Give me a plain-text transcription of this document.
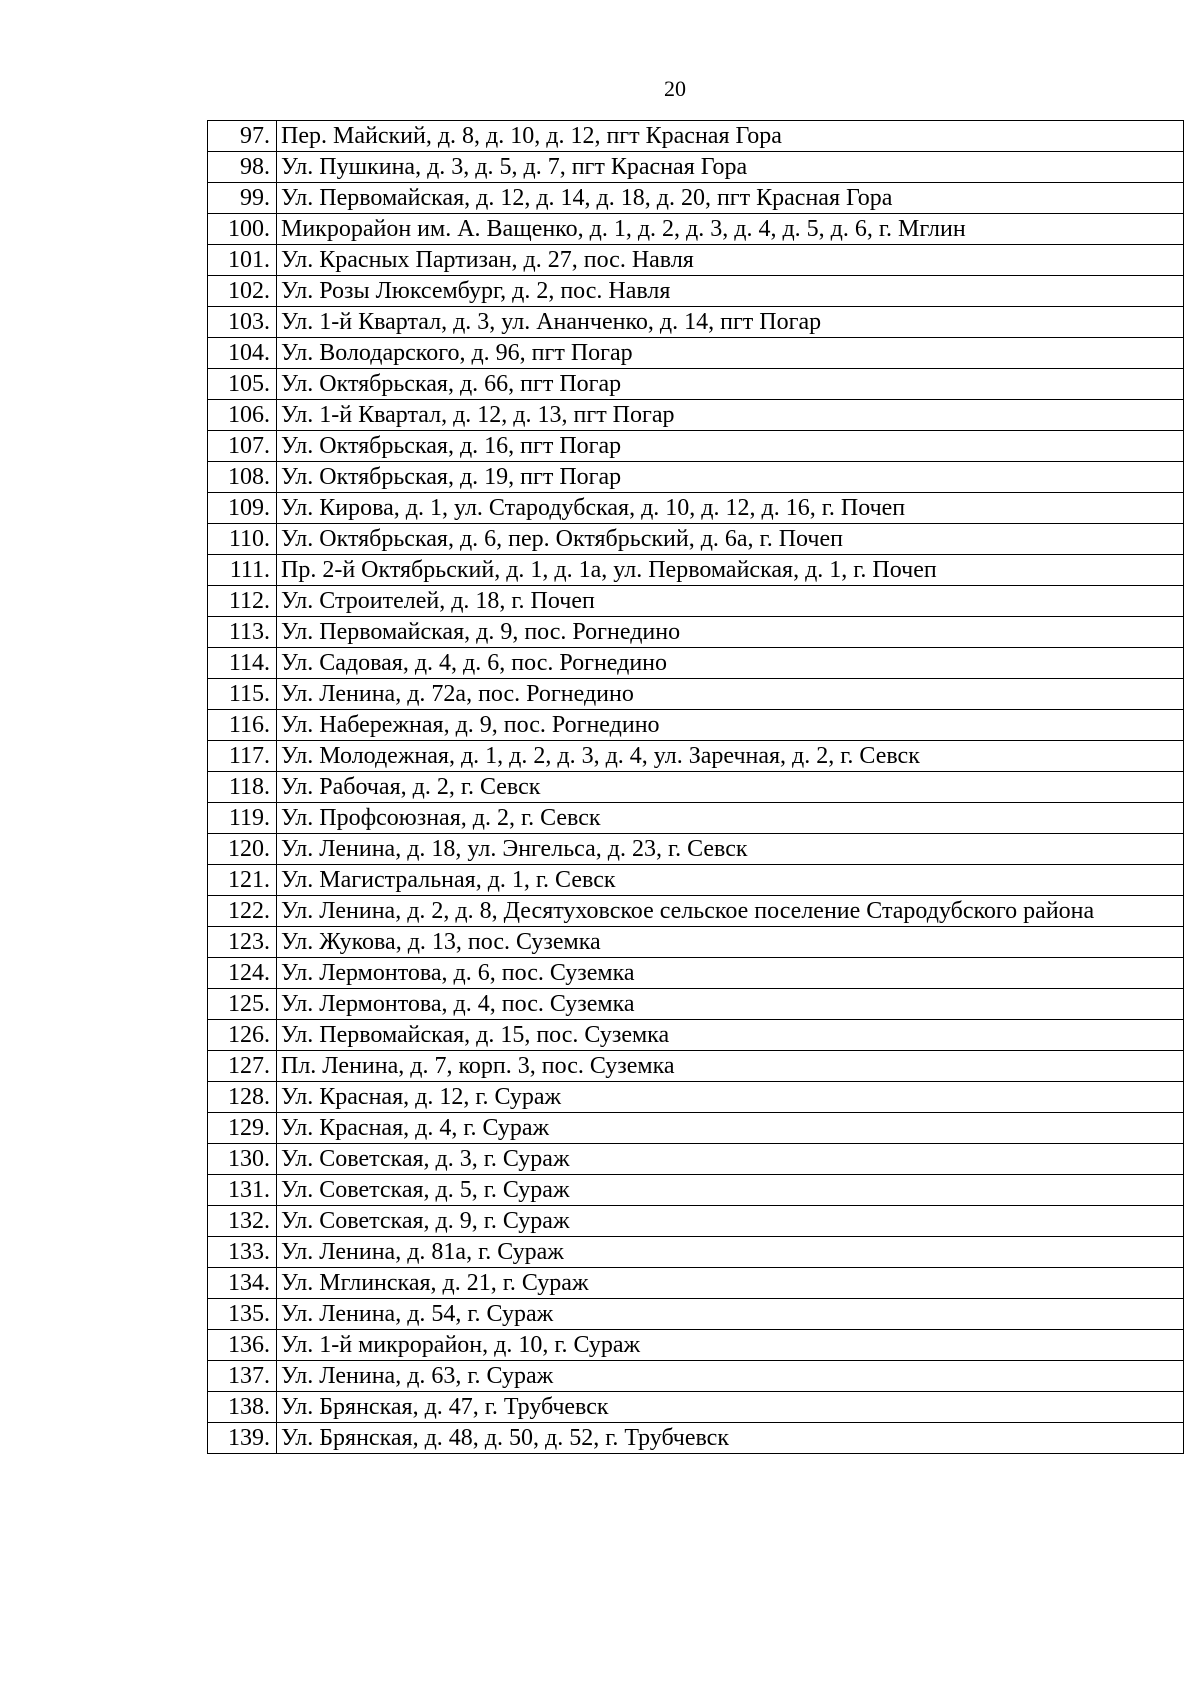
20
97.	Пер. Майский, д. 8, д. 10, д. 12, пгт Красная Гора
98.	Ул. Пушкина, д. 3, д. 5, д. 7, пгт Красная Гора
99.	Ул. Первомайская, д. 12, д. 14, д. 18, д. 20, пгт Красная Гора
100.	Микрорайон им. А. Ващенко, д. 1, д. 2, д. 3, д. 4, д. 5, д. 6, г. Мглин
101.	Ул. Красных Партизан, д. 27, пос. Навля
102.	Ул. Розы Люксембург, д. 2, пос. Навля
103.	Ул. 1-й Квартал, д. 3, ул. Ананченко, д. 14, пгт Погар
104.	Ул. Володарского, д. 96, пгт Погар
105.	Ул. Октябрьская, д. 66, пгт Погар
106.	Ул. 1-й Квартал, д. 12, д. 13, пгт Погар
107.	Ул. Октябрьская, д. 16, пгт Погар
108.	Ул. Октябрьская, д. 19, пгт Погар
109.	Ул. Кирова, д. 1, ул. Стародубская, д. 10, д. 12, д. 16, г. Почеп
110.	Ул. Октябрьская, д. 6, пер. Октябрьский, д. 6а, г. Почеп
111.	Пр. 2-й Октябрьский, д. 1, д. 1а, ул. Первомайская, д. 1, г. Почеп
112.	Ул. Строителей, д. 18, г. Почеп
113.	Ул. Первомайская, д. 9, пос. Рогнедино
114.	Ул. Садовая, д. 4, д. 6, пос. Рогнедино
115.	Ул. Ленина, д. 72а, пос. Рогнедино
116.	Ул. Набережная, д. 9, пос. Рогнедино
117.	Ул. Молодежная, д. 1, д. 2, д. 3, д. 4, ул. Заречная, д. 2, г. Севск
118.	Ул. Рабочая, д. 2, г. Севск
119.	Ул. Профсоюзная, д. 2, г. Севск
120.	Ул. Ленина, д. 18, ул. Энгельса, д. 23, г. Севск
121.	Ул. Магистральная, д. 1, г. Севск
122.	Ул. Ленина, д. 2, д. 8, Десятуховское сельское поселение Стародубского района
123.	Ул. Жукова, д. 13, пос. Суземка
124.	Ул. Лермонтова, д. 6, пос. Суземка
125.	Ул. Лермонтова, д. 4, пос. Суземка
126.	Ул. Первомайская, д. 15, пос. Суземка
127.	Пл. Ленина, д. 7, корп. 3, пос. Суземка
128.	Ул. Красная, д. 12, г. Сураж
129.	Ул. Красная, д. 4, г. Сураж
130.	Ул. Советская, д. 3, г. Сураж
131.	Ул. Советская, д. 5, г. Сураж
132.	Ул. Советская, д. 9, г. Сураж
133.	Ул. Ленина, д. 81а, г. Сураж
134.	Ул. Мглинская, д. 21, г. Сураж
135.	Ул. Ленина, д. 54, г. Сураж
136.	Ул. 1-й микрорайон, д. 10, г. Сураж
137.	Ул. Ленина, д. 63, г. Сураж
138.	Ул. Брянская, д. 47, г. Трубчевск
139.	Ул. Брянская, д. 48, д. 50, д. 52, г. Трубчевск
